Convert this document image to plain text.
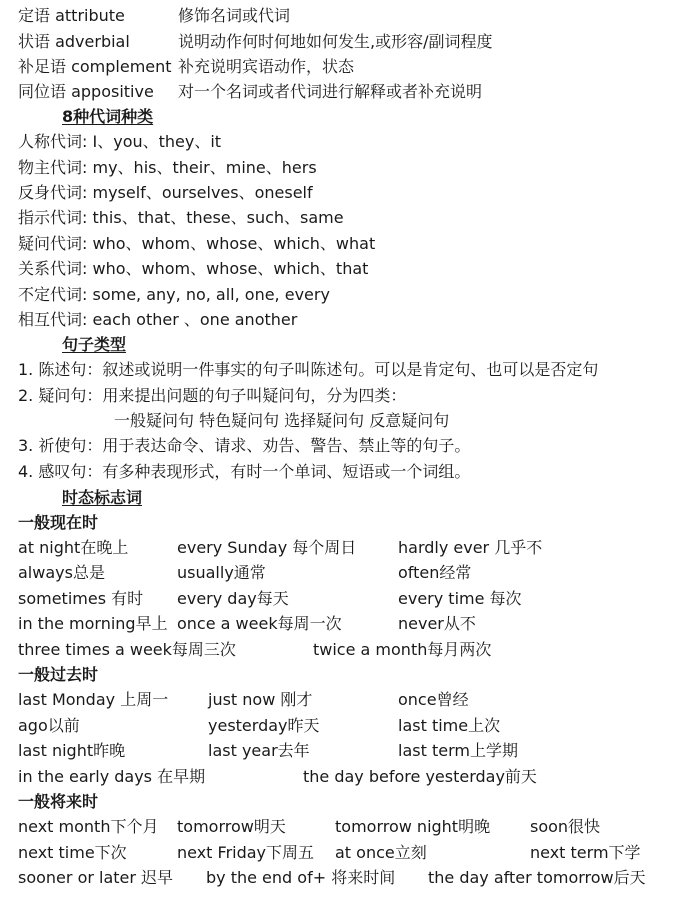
定语 attribute	修饰名词或代词
状语 adverbial	说明动作何时何地如何发生,或形容/副词程度
补足语 complement 补充说明宾语动作，状态
同位语 appositive 对一个名词或者代词进行解释或者补充说明
8种代词种类
人称代词: I、you、they、it
物主代词: my、his、their、mine、hers
反身代词: myself、ourselves、oneself
指示代词: this、that、these、such、same
疑问代词: who、whom、whose、which、what
关系代词: who、whom、whose、which、that
不定代词: some, any, no, all, one, every
相互代词: each other 、one another
句子类型
1. 陈述句：叙述或说明一件事实的句子叫陈述句。可以是肯定句、也可以是否定句
2. 疑问句：用来提出问题的句子叫疑问句，分为四类：
一般疑问句 特色疑问句 选择疑问句 反意疑问句
3. 祈使句：用于表达命令、请求、劝告、警告、禁止等的句子。
4. 感叹句：有多种表现形式，有时一个单词、短语或一个词组。
时态标志词
一般现在时
at night在晚上	every Sunday 每个周日	hardly ever 几乎不
always总是	usually通常	often经常
sometimes 有时 every day每天	every time 每次
in the morning早上 once a week每周一次	never从不
three times a week每周三次	twice a month每月两次
一般过去时
last Monday 上周一 just now 刚才	once曾经
ago以前	yesterday昨天	last time上次
last night昨晚	last year去年	last term上学期
in the early days 在早期	the day before yesterday前天
一般将来时
next month下个月 tomorrow明天	tomorrow night明晚 soon很快
next time下次	next Friday下周五 at once立刻	next term下学
sooner or later 迟早 by the end of+ 将来时间 the day after tomorrow后天
